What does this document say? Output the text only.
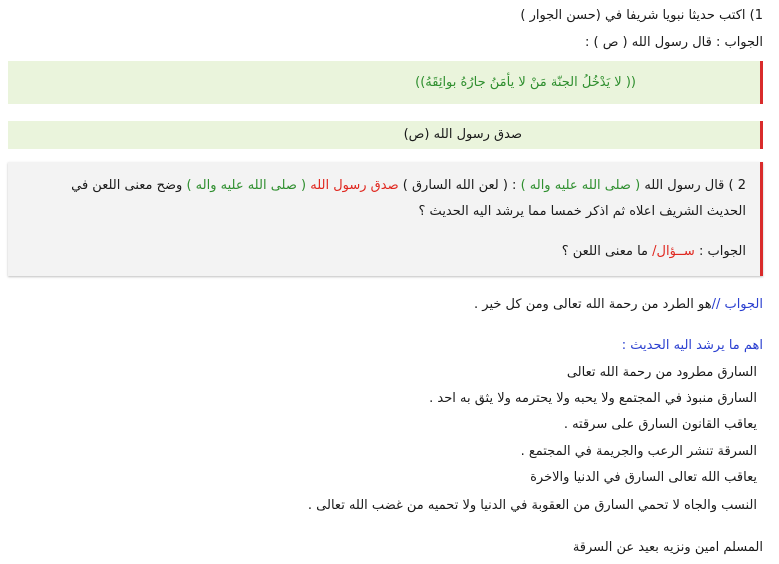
1) اكتب حديثا نبويا شريفا في (حسن الجوار )
الجواب : قال رسول الله ( ص ) :
(( لا يَدْخُلُ الجنّة مَنْ لا يأمَنُ جارُهُ بوائِقَهُ))
صدق رسول الله (ص)
2 ) قال رسول الله ( صلى الله عليه واله ) : ( لعن الله السارق ) صدق رسول الله ( صلى الله عليه واله ) وضح معنى اللعن في
الحديث الشريف اعلاه ثم اذكر خمسا مما يرشد اليه الحديث ؟
الجواب : ســؤال/ ما معنى اللعن ؟
الجواب //هو الطرد من رحمة الله تعالى ومن كل خير .
اهم ما يرشد اليه الحديث :
السارق مطرود من رحمة الله تعالى
السارق منبوذ في المجتمع ولا يحبه ولا يحترمه ولا يثق به احد .
يعاقب القانون السارق على سرقته .
السرقة تنشر الرعب والجريمة في المجتمع .
يعاقب الله تعالى السارق في الدنيا والاخرة
النسب والجاه لا تحمي السارق من العقوبة في الدنيا ولا تحميه من غضب الله تعالى .
المسلم امين ونزيه بعيد عن السرقة
